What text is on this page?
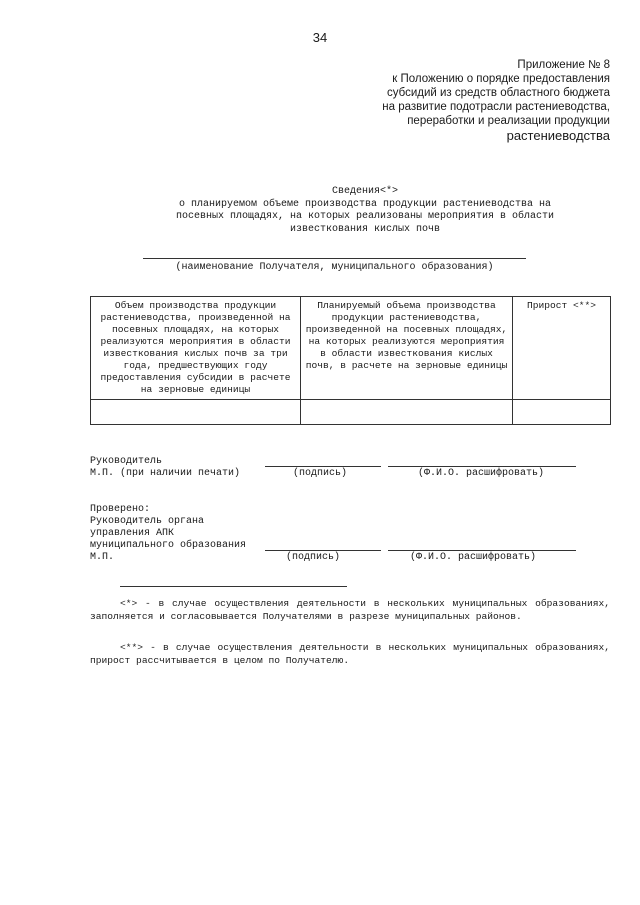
34
Приложение № 8
к Положению о порядке предоставления
субсидий из средств областного бюджета
на развитие подотрасли растениеводства,
переработки и реализации продукции
растениеводства
Сведения<*>
о планируемом объеме производства продукции растениеводства на
посевных площадях, на которых реализованы мероприятия в области
известкования кислых почв
(наименование Получателя, муниципального образования)
Объем производства продукции растениеводства, произведенной на посевных площадях, на которых реализуются мероприятия в области известкования кислых почв за три года, предшествующих году предоставления субсидии в расчете на зерновые единицы	Планируемый объема производства продукции растениеводства, произведенной на посевных площадях, на которых реализуются мероприятия в области известкования кислых почв, в расчете на зерновые единицы	Прирост <**>

Руководитель
М.П. (при наличии печати)	(подпись)	(Ф.И.О. расшифровать)
Проверено:
Руководитель органа
управления АПК
муниципального образования
М.П.	(подпись)	(Ф.И.О. расшифровать)
<*> - в случае осуществления деятельности в нескольких муниципальных образованиях, заполняется и согласовывается Получателями в разрезе муниципальных районов.
<**> - в случае осуществления деятельности в нескольких муниципальных образованиях, прирост рассчитывается в целом по Получателю.
